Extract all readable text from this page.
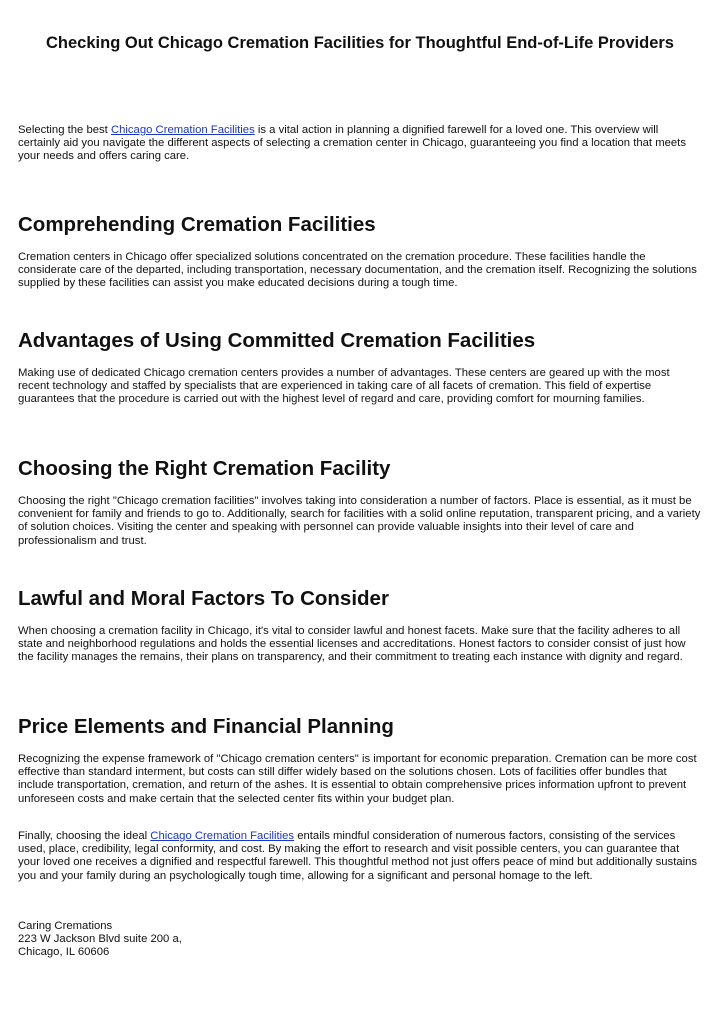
Checking Out Chicago Cremation Facilities for Thoughtful End-of-Life Providers

Selecting the best Chicago Cremation Facilities is a vital action in planning a dignified farewell for a loved one. This overview will certainly aid you navigate the different aspects of selecting a cremation center in Chicago, guaranteeing you find a location that meets your needs and offers caring care.

Comprehending Cremation Facilities

Cremation centers in Chicago offer specialized solutions concentrated on the cremation procedure. These facilities handle the considerate care of the departed, including transportation, necessary documentation, and the cremation itself. Recognizing the solutions supplied by these facilities can assist you make educated decisions during a tough time.

Advantages of Using Committed Cremation Facilities

Making use of dedicated Chicago cremation centers provides a number of advantages. These centers are geared up with the most recent technology and staffed by specialists that are experienced in taking care of all facets of cremation. This field of expertise guarantees that the procedure is carried out with the highest level of regard and care, providing comfort for mourning families.

Choosing the Right Cremation Facility

Choosing the right "Chicago cremation facilities" involves taking into consideration a number of factors. Place is essential, as it must be convenient for family and friends to go to. Additionally, search for facilities with a solid online reputation, transparent pricing, and a variety of solution choices. Visiting the center and speaking with personnel can provide valuable insights into their level of care and professionalism and trust.

Lawful and Moral Factors To Consider

When choosing a cremation facility in Chicago, it's vital to consider lawful and honest facets. Make sure that the facility adheres to all state and neighborhood regulations and holds the essential licenses and accreditations. Honest factors to consider consist of just how the facility manages the remains, their plans on transparency, and their commitment to treating each instance with dignity and regard.

Price Elements and Financial Planning

Recognizing the expense framework of "Chicago cremation centers" is important for economic preparation. Cremation can be more cost effective than standard interment, but costs can still differ widely based on the solutions chosen. Lots of facilities offer bundles that include transportation, cremation, and return of the ashes. It is essential to obtain comprehensive prices information upfront to prevent unforeseen costs and make certain that the selected center fits within your budget plan.

Finally, choosing the ideal Chicago Cremation Facilities entails mindful consideration of numerous factors, consisting of the services used, place, credibility, legal conformity, and cost. By making the effort to research and visit possible centers, you can guarantee that your loved one receives a dignified and respectful farewell. This thoughtful method not just offers peace of mind but additionally sustains you and your family during an psychologically tough time, allowing for a significant and personal homage to the left.

Caring Cremations
223 W Jackson Blvd suite 200 a,
Chicago, IL 60606
